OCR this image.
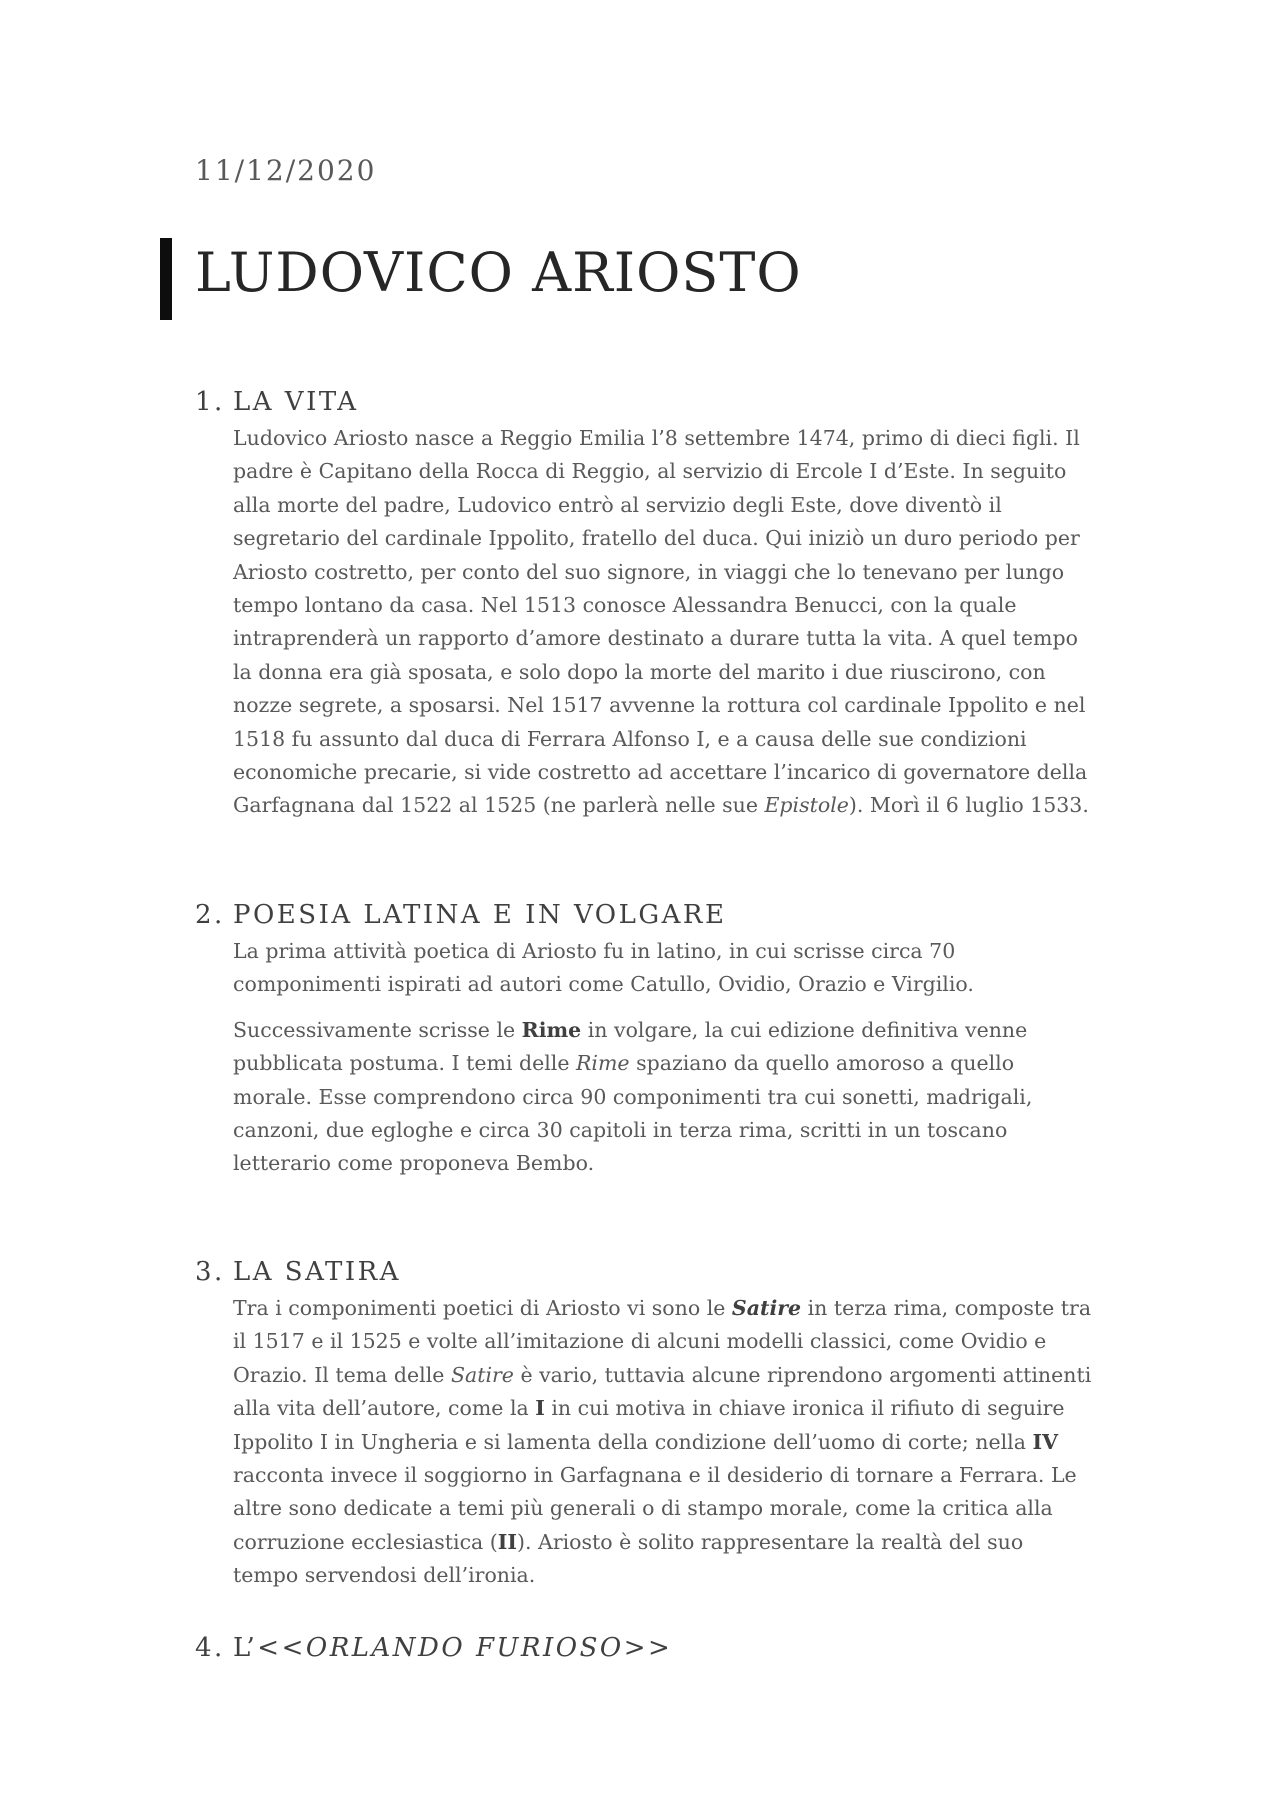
11/12/2020
LUDOVICO ARIOSTO
1. LA VITA

Ludovico Ariosto nasce a Reggio Emilia l’8 settembre 1474, primo di dieci figli. Il padre è Capitano della Rocca di Reggio, al servizio di Ercole I d’Este. In seguito alla morte del padre, Ludovico entrò al servizio degli Este, dove diventò il segretario del cardinale Ippolito, fratello del duca. Qui iniziò un duro periodo per Ariosto costretto, per conto del suo signore, in viaggi che lo tenevano per lungo tempo lontano da casa. Nel 1513 conosce Alessandra Benucci, con la quale intraprenderà un rapporto d’amore destinato a durare tutta la vita. A quel tempo la donna era già sposata, e solo dopo la morte del marito i due riuscirono, con nozze segrete, a sposarsi. Nel 1517 avvenne la rottura col cardinale Ippolito e nel 1518 fu assunto dal duca di Ferrara Alfonso I, e a causa delle sue condizioni economiche precarie, si vide costretto ad accettare l’incarico di governatore della Garfagnana dal 1522 al 1525 (ne parlerà nelle sue Epistole). Morì il 6 luglio 1533.

2. POESIA LATINA E IN VOLGARE

La prima attività poetica di Ariosto fu in latino, in cui scrisse circa 70 componimenti ispirati ad autori come Catullo, Ovidio, Orazio e Virgilio.

Successivamente scrisse le Rime in volgare, la cui edizione definitiva venne pubblicata postuma. I temi delle Rime spaziano da quello amoroso a quello morale. Esse comprendono circa 90 componimenti tra cui sonetti, madrigali, canzoni, due egloghe e circa 30 capitoli in terza rima, scritti in un toscano letterario come proponeva Bembo.

3. LA SATIRA

Tra i componimenti poetici di Ariosto vi sono le Satire in terza rima, composte tra il 1517 e il 1525 e volte all’imitazione di alcuni modelli classici, come Ovidio e Orazio. Il tema delle Satire è vario, tuttavia alcune riprendono argomenti attinenti alla vita dell’autore, come la I in cui motiva in chiave ironica il rifiuto di seguire Ippolito I in Ungheria e si lamenta della condizione dell’uomo di corte; nella IV racconta invece il soggiorno in Garfagnana e il desiderio di tornare a Ferrara. Le altre sono dedicate a temi più generali o di stampo morale, come la critica alla corruzione ecclesiastica (II). Ariosto è solito rappresentare la realtà del suo tempo servendosi dell’ironia.

4. L’<<ORLANDO FURIOSO>>
